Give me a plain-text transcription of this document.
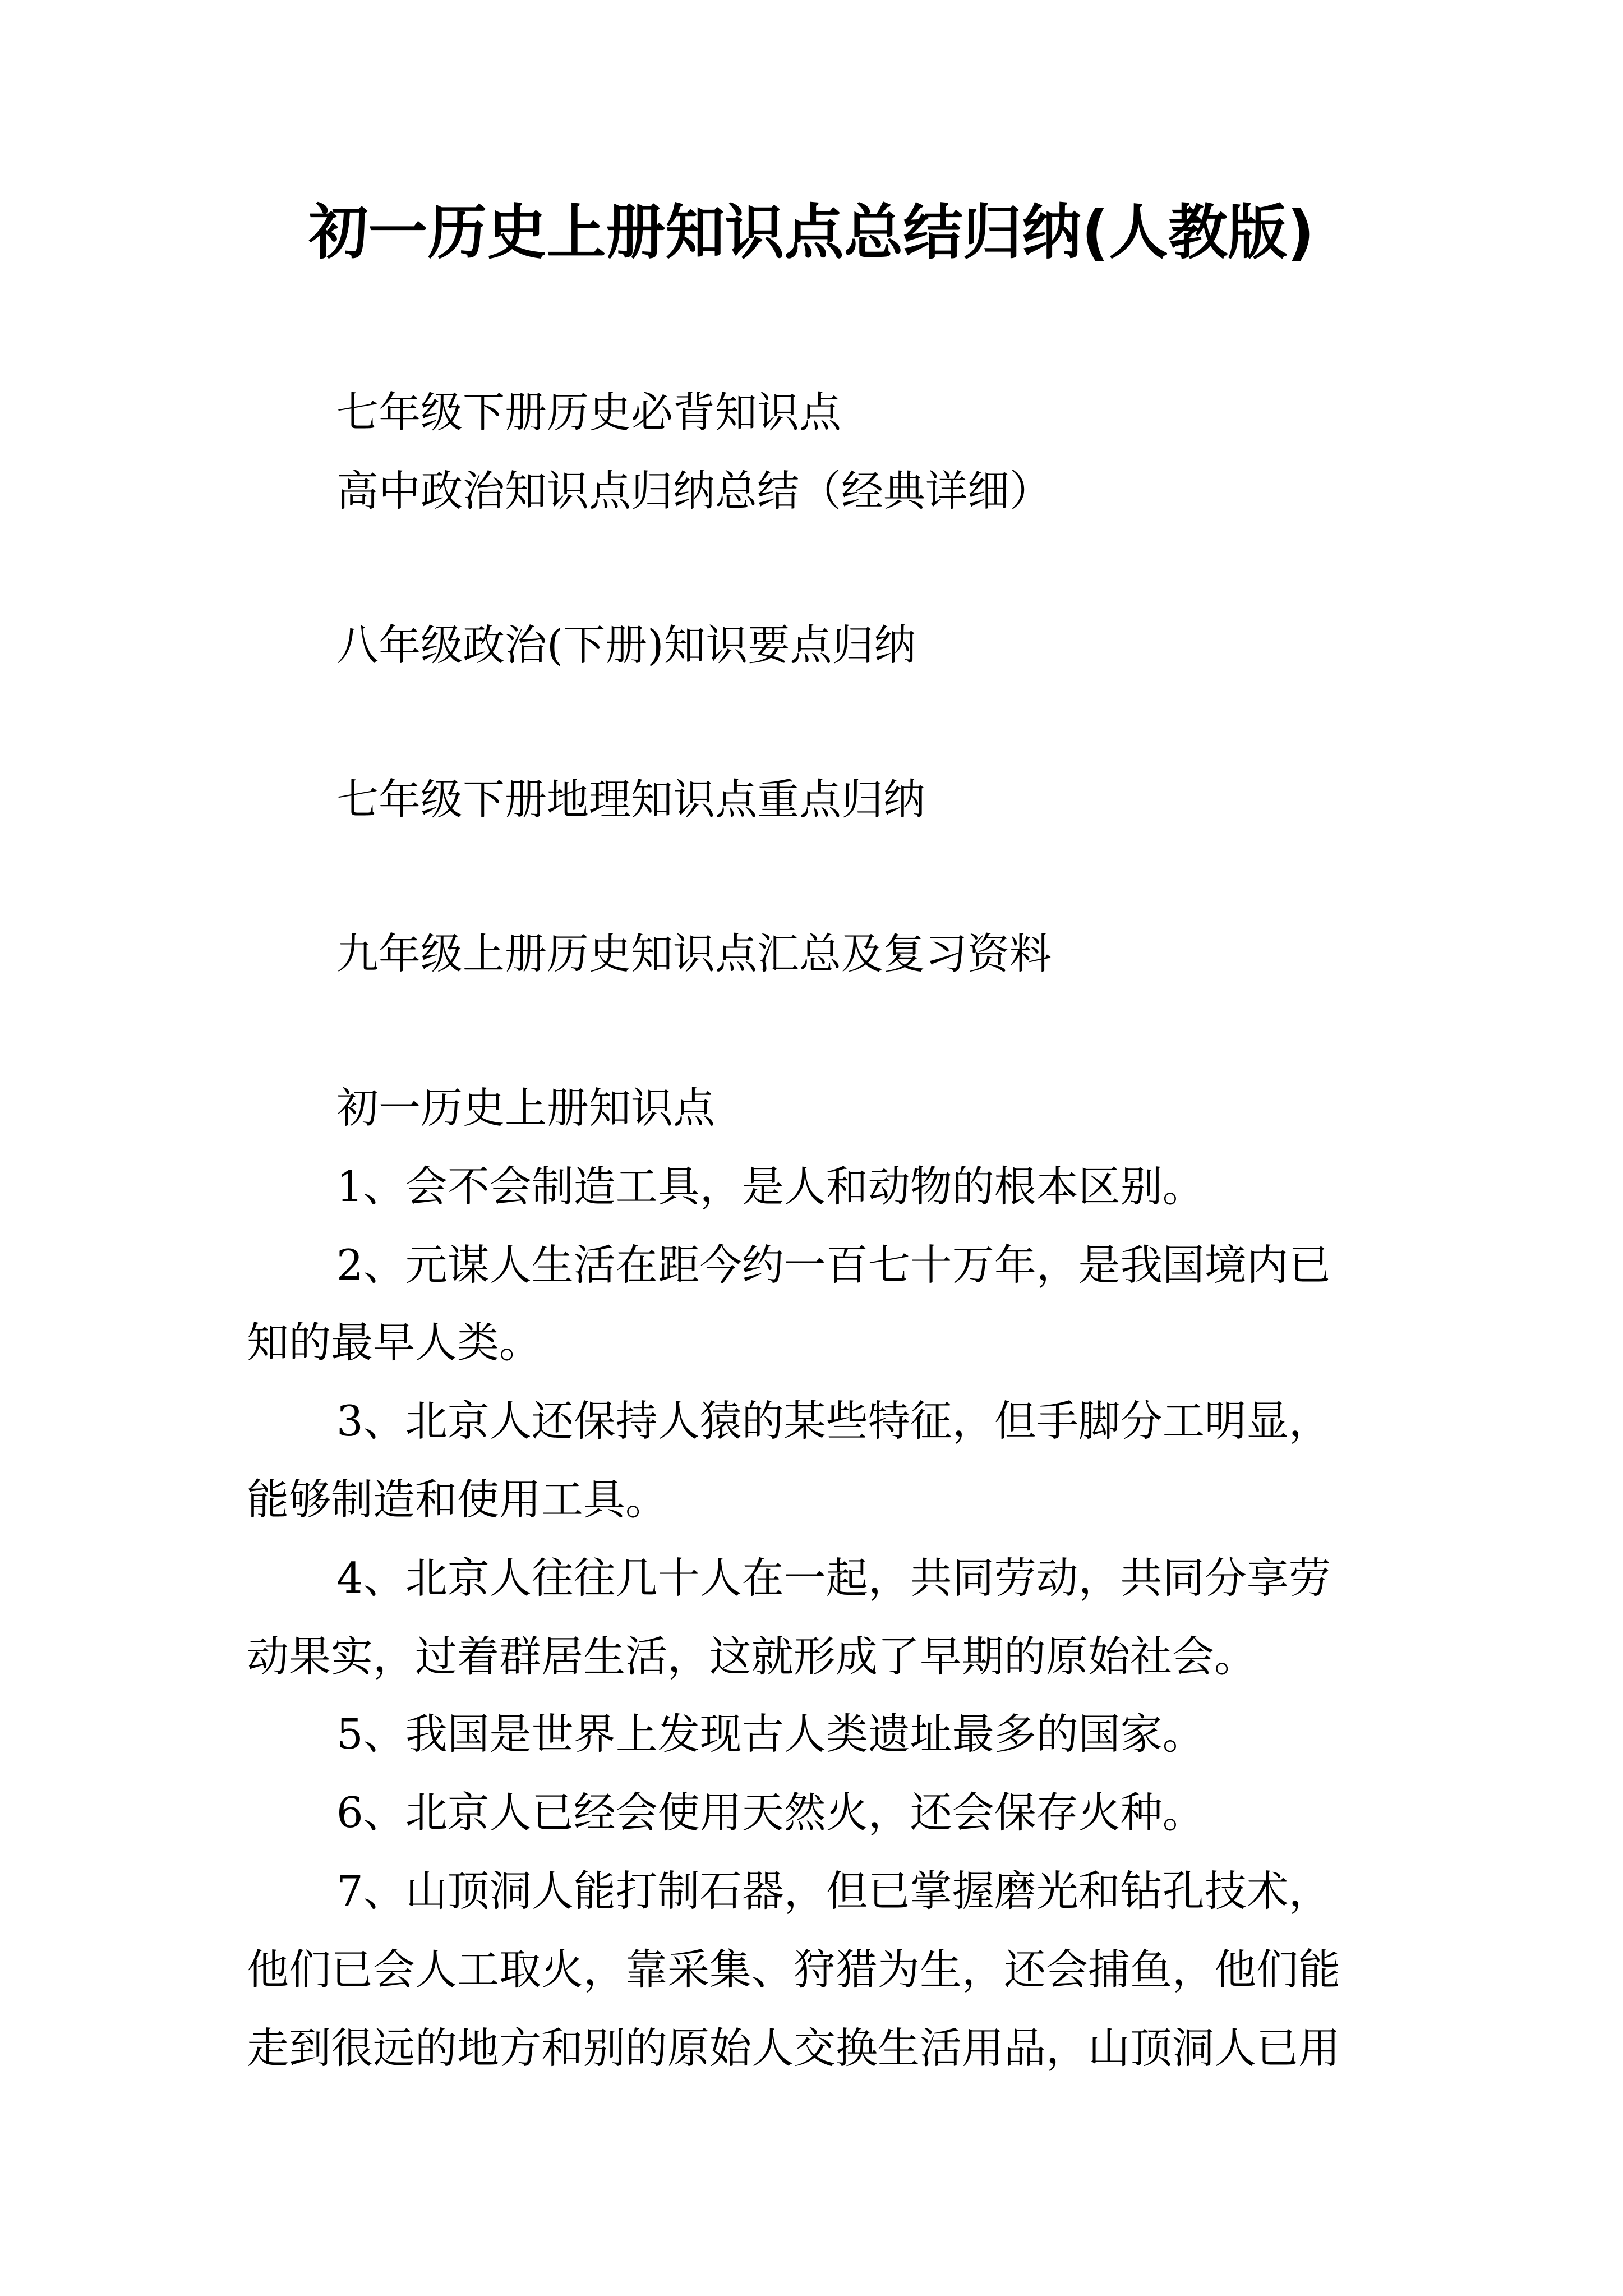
初一历史上册知识点总结归纳(人教版)
七年级下册历史必背知识点
高中政治知识点归纳总结（经典详细）
八年级政治(下册)知识要点归纳
七年级下册地理知识点重点归纳
九年级上册历史知识点汇总及复习资料
初一历史上册知识点
1、会不会制造工具，是人和动物的根本区别。
2、元谋人生活在距今约一百七十万年，是我国境内已
知的最早人类。
3、北京人还保持人猿的某些特征，但手脚分工明显，
能够制造和使用工具。
4、北京人往往几十人在一起，共同劳动，共同分享劳
动果实，过着群居生活，这就形成了早期的原始社会。
5、我国是世界上发现古人类遗址最多的国家。
6、北京人已经会使用天然火，还会保存火种。
7、山顶洞人能打制石器，但已掌握磨光和钻孔技术，
他们已会人工取火，靠采集、狩猎为生，还会捕鱼，他们能
走到很远的地方和别的原始人交换生活用品，山顶洞人已用
